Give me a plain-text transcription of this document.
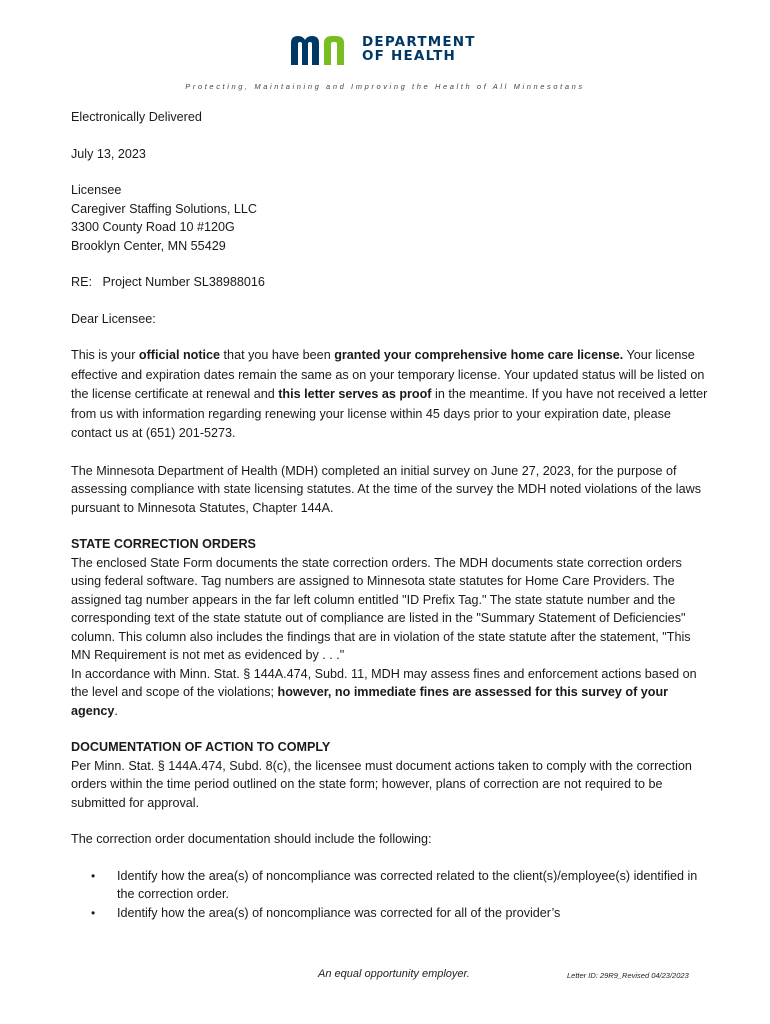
DEPARTMENT
OF HEALTH
Protecting, Maintaining and Improving the Health of All Minnesotans

Electronically Delivered

July 13, 2023

Licensee
Caregiver Staffing Solutions, LLC
3300 County Road 10 #120G
Brooklyn Center, MN 55429

RE:   Project Number SL38988016

Dear Licensee:

This is your official notice that you have been granted your comprehensive home care license. Your license effective and expiration dates remain the same as on your temporary license. Your updated status will be listed on the license certificate at renewal and this letter serves as proof in the meantime. If you have not received a letter from us with information regarding renewing your license within 45 days prior to your expiration date, please contact us at (651) 201-5273.

The Minnesota Department of Health (MDH) completed an initial survey on June 27, 2023, for the purpose of assessing compliance with state licensing statutes. At the time of the survey the MDH noted violations of the laws pursuant to Minnesota Statutes, Chapter 144A.

STATE CORRECTION ORDERS

The enclosed State Form documents the state correction orders. The MDH documents state correction orders using federal software. Tag numbers are assigned to Minnesota state statutes for Home Care Providers. The assigned tag number appears in the far left column entitled "ID Prefix Tag." The state statute number and the corresponding text of the state statute out of compliance are listed in the "Summary Statement of Deficiencies" column. This column also includes the findings that are in violation of the state statute after the statement, "This MN Requirement is not met as evidenced by . . ."

In accordance with Minn. Stat. § 144A.474, Subd. 11, MDH may assess fines and enforcement actions based on the level and scope of the violations; however, no immediate fines are assessed for this survey of your agency.

DOCUMENTATION OF ACTION TO COMPLY

Per Minn. Stat. § 144A.474, Subd. 8(c), the licensee must document actions taken to comply with the correction orders within the time period outlined on the state form; however, plans of correction are not required to be submitted for approval.

The correction order documentation should include the following:

• Identify how the area(s) of noncompliance was corrected related to the client(s)/employee(s) identified in the correction order.
• Identify how the area(s) of noncompliance was corrected for all of the provider’s
An equal opportunity employer.	Letter ID: 29R9_Revised 04/23/2023
